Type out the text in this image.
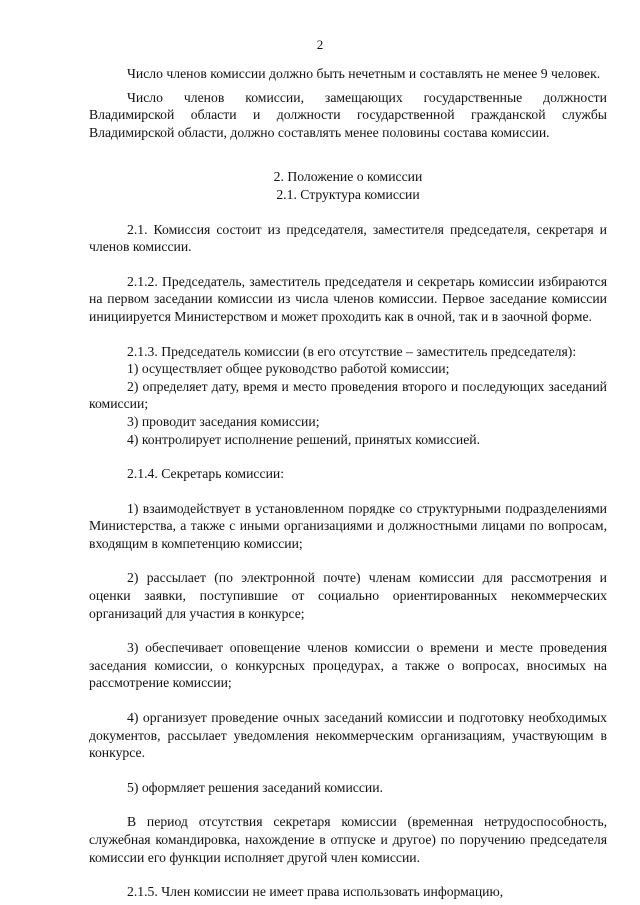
2

Число членов комиссии должно быть нечетным и составлять не менее 9 человек.

Число членов комиссии, замещающих государственные должности Владимирской области и должности государственной гражданской службы Владимирской области, должно составлять менее половины состава комиссии.

2. Положение о комиссии

2.1. Структура комиссии

2.1. Комиссия состоит из председателя, заместителя председателя, секретаря и членов комиссии.

2.1.2. Председатель, заместитель председателя и секретарь комиссии избираются на первом заседании комиссии из числа членов комиссии. Первое заседание комиссии инициируется Министерством и может проходить как в очной, так и в заочной форме.

2.1.3. Председатель комиссии (в его отсутствие – заместитель председателя):

1) осуществляет общее руководство работой комиссии;

2) определяет дату, время и место проведения второго и последующих заседаний комиссии;

3) проводит заседания комиссии;

4) контролирует исполнение решений, принятых комиссией.

2.1.4. Секретарь комиссии:

1) взаимодействует в установленном порядке со структурными подразделениями Министерства, а также с иными организациями и должностными лицами по вопросам, входящим в компетенцию комиссии;

2) рассылает (по электронной почте) членам комиссии для рассмотрения и оценки заявки, поступившие от социально ориентированных некоммерческих организаций для участия в конкурсе;

3) обеспечивает оповещение членов комиссии о времени и месте проведения заседания комиссии, о конкурсных процедурах, а также о вопросах, вносимых на рассмотрение комиссии;

4) организует проведение очных заседаний комиссии и подготовку необходимых документов, рассылает уведомления некоммерческим организациям, участвующим в конкурсе.

5) оформляет решения заседаний комиссии.

В период отсутствия секретаря комиссии (временная нетрудоспособность, служебная командировка, нахождение в отпуске и другое) по поручению председателя комиссии его функции исполняет другой член комиссии.

2.1.5. Член комиссии не имеет права использовать информацию,
